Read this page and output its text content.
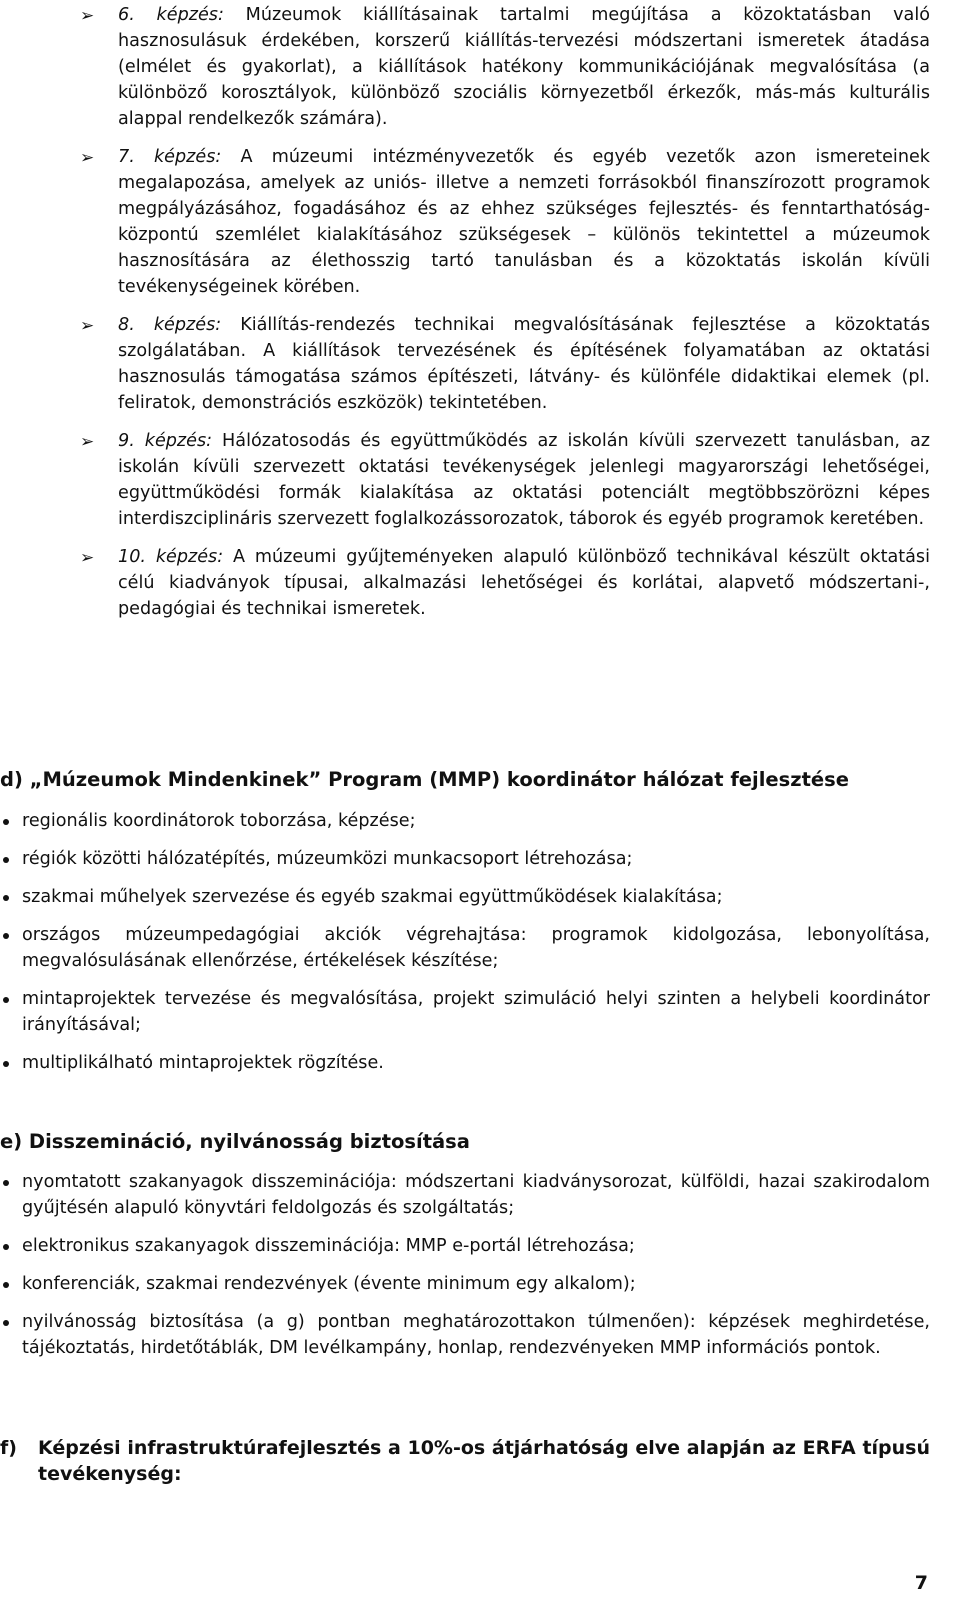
➢ 6. képzés: Múzeumok kiállításainak tartalmi megújítása a közoktatásban való hasznosulásuk érdekében, korszerű kiállítás-tervezési módszertani ismeretek átadása (elmélet és gyakorlat), a kiállítások hatékony kommunikációjának megvalósítása (a különböző korosztályok, különböző szociális környezetből érkezők, más-más kulturális alappal rendelkezők számára).
➢ 7. képzés: A múzeumi intézményvezetők és egyéb vezetők azon ismereteinek megalapozása, amelyek az uniós- illetve a nemzeti forrásokból finanszírozott programok megpályázásához, fogadásához és az ehhez szükséges fejlesztés- és fenntarthatóság-központú szemlélet kialakításához szükségesek – különös tekintettel a múzeumok hasznosítására az élethosszig tartó tanulásban és a közoktatás iskolán kívüli tevékenységeinek körében.
➢ 8. képzés: Kiállítás-rendezés technikai megvalósításának fejlesztése a közoktatás szolgálatában. A kiállítások tervezésének és építésének folyamatában az oktatási hasznosulás támogatása számos építészeti, látvány- és különféle didaktikai elemek (pl. feliratok, demonstrációs eszközök) tekintetében.
➢ 9. képzés: Hálózatosodás és együttműködés az iskolán kívüli szervezett tanulásban, az iskolán kívüli szervezett oktatási tevékenységek jelenlegi magyarországi lehetőségei, együttműködési formák kialakítása az oktatási potenciált megtöbbszörözni képes interdiszciplináris szervezett foglalkozássorozatok, táborok és egyéb programok keretében.
➢ 10. képzés: A múzeumi gyűjteményeken alapuló különböző technikával készült oktatási célú kiadványok típusai, alkalmazási lehetőségei és korlátai, alapvető módszertani-, pedagógiai és technikai ismeretek.
d) „Múzeumok Mindenkinek” Program (MMP) koordinátor hálózat fejlesztése
regionális koordinátorok toborzása, képzése;
régiók közötti hálózatépítés, múzeumközi munkacsoport létrehozása;
szakmai műhelyek szervezése és egyéb szakmai együttműködések kialakítása;
országos múzeumpedagógiai akciók végrehajtása: programok kidolgozása, lebonyolítása, megvalósulásának ellenőrzése, értékelések készítése;
mintaprojektek tervezése és megvalósítása, projekt szimuláció helyi szinten a helybeli koordinátor irányításával;
multiplikálható mintaprojektek rögzítése.
e) Disszemináció, nyilvánosság biztosítása
nyomtatott szakanyagok disszeminációja: módszertani kiadványsorozat, külföldi, hazai szakirodalom gyűjtésén alapuló könyvtári feldolgozás és szolgáltatás;
elektronikus szakanyagok disszeminációja: MMP e-portál létrehozása;
konferenciák, szakmai rendezvények (évente minimum egy alkalom);
nyilvánosság biztosítása (a g) pontban meghatározottakon túlmenően): képzések meghirdetése, tájékoztatás, hirdetőtáblák, DM levélkampány, honlap, rendezvényeken MMP információs pontok.
f)	Képzési infrastruktúrafejlesztés a 10%-os átjárhatóság elve alapján az ERFA típusú tevékenység:
7
